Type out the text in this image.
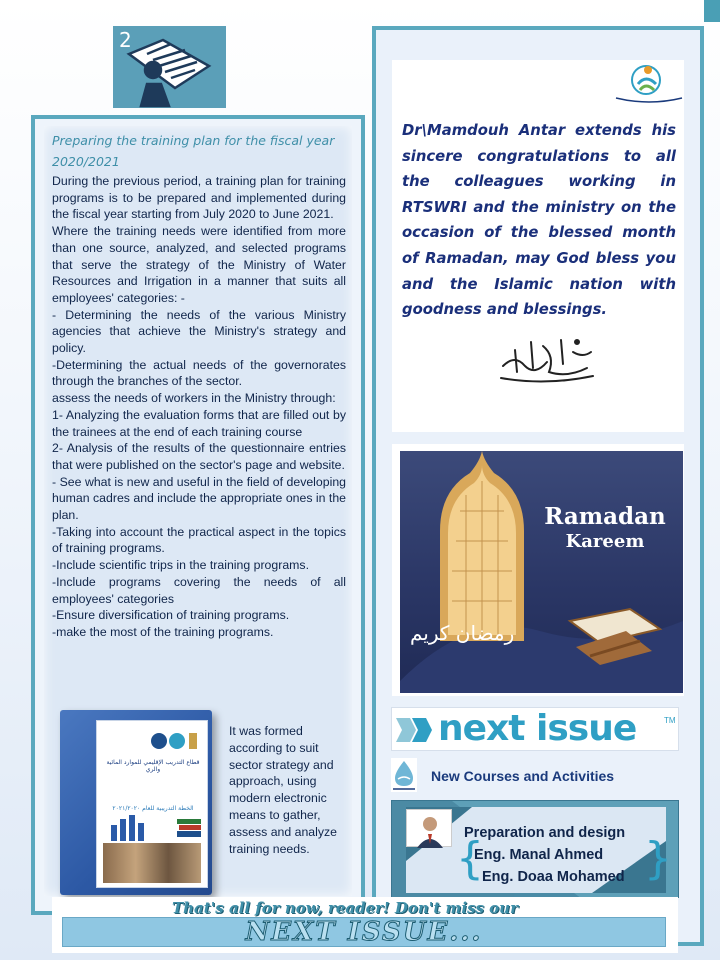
2
Preparing the training plan for the fiscal year 2020/2021

During the previous period, a training plan for training programs is to be prepared and implemented during the fiscal year starting from July 2020 to June 2021.

Where the training needs were identified from more than one source, analyzed, and selected programs that serve the strategy of the Ministry of Water Resources and Irrigation in a manner that suits all employees' categories: -

- Determining the needs of the various Ministry agencies that achieve the Ministry's strategy and policy.

-Determining the actual needs of the governorates through the branches of the sector.

assess the needs of workers in the Ministry through:

1- Analyzing the evaluation forms that are filled out by the trainees at the end of each training course

2- Analysis of the results of the questionnaire entries that were published on the sector's page and website.

- See what is new and useful in the field of developing human cadres and include the appropriate ones in the plan.

-Taking into account the practical aspect in the topics of training programs.

-Include scientific trips in the training programs.

-Include programs covering the needs of all employees' categories

-Ensure diversification of training programs.

-make the most of the training programs.

قطاع التدريب الإقليمي للموارد المائية والري
الخطة التدريبية للعام ٢٠٢١/٢٠٢٠
It was formed according to suit sector strategy and approach, using modern electronic means to gather, assess and analyze training needs.
Dr\Mamdouh Antar extends his sincere congratulations to all the colleagues working in RTSWRI and the ministry on the occasion of the blessed month of Ramadan, may God bless you and the Islamic nation with goodness and blessings.
Ramadan
Kareem
رمضان كريم
next issue	TM
New Courses and Activities
Preparation and design
{
Eng. Manal Ahmed
Eng. Doaa Mohamed }
That's all for now, reader! Don't miss our
NEXT ISSUE...
